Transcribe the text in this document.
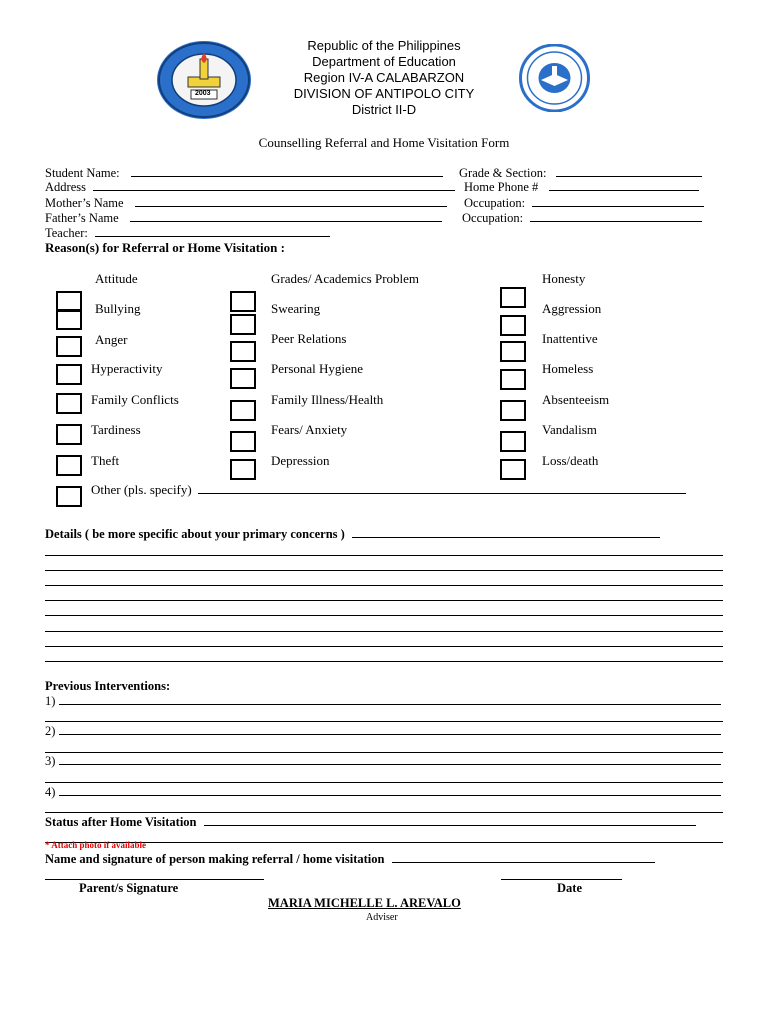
2003
Republic of the Philippines
Department of Education
Region IV-A CALABARZON
DIVISION OF ANTIPOLO CITY
District II-D
Counselling Referral and Home Visitation Form
Student Name:	Grade & Section:
Address	Home Phone #
Mother’s Name	Occupation:
Father’s Name	Occupation:
Teacher:
Reason(s) for Referral or Home Visitation :
Attitude
Bullying
Anger
Hyperactivity
Family Conflicts
Tardiness
Theft
Other (pls. specify)
Grades/ Academics Problem
Swearing
Peer Relations
Personal Hygiene
Family Illness/Health
Fears/ Anxiety
Depression
Honesty
Aggression
Inattentive
Homeless
Absenteeism
Vandalism
Loss/death
Details ( be more specific about your primary concerns )
Previous Interventions:
1)
2)
3)
4)
Status after Home Visitation
* Attach photo if available
Name and signature of person making referral / home visitation
Parent/s Signature	Date
MARIA MICHELLE L. AREVALO
Adviser
